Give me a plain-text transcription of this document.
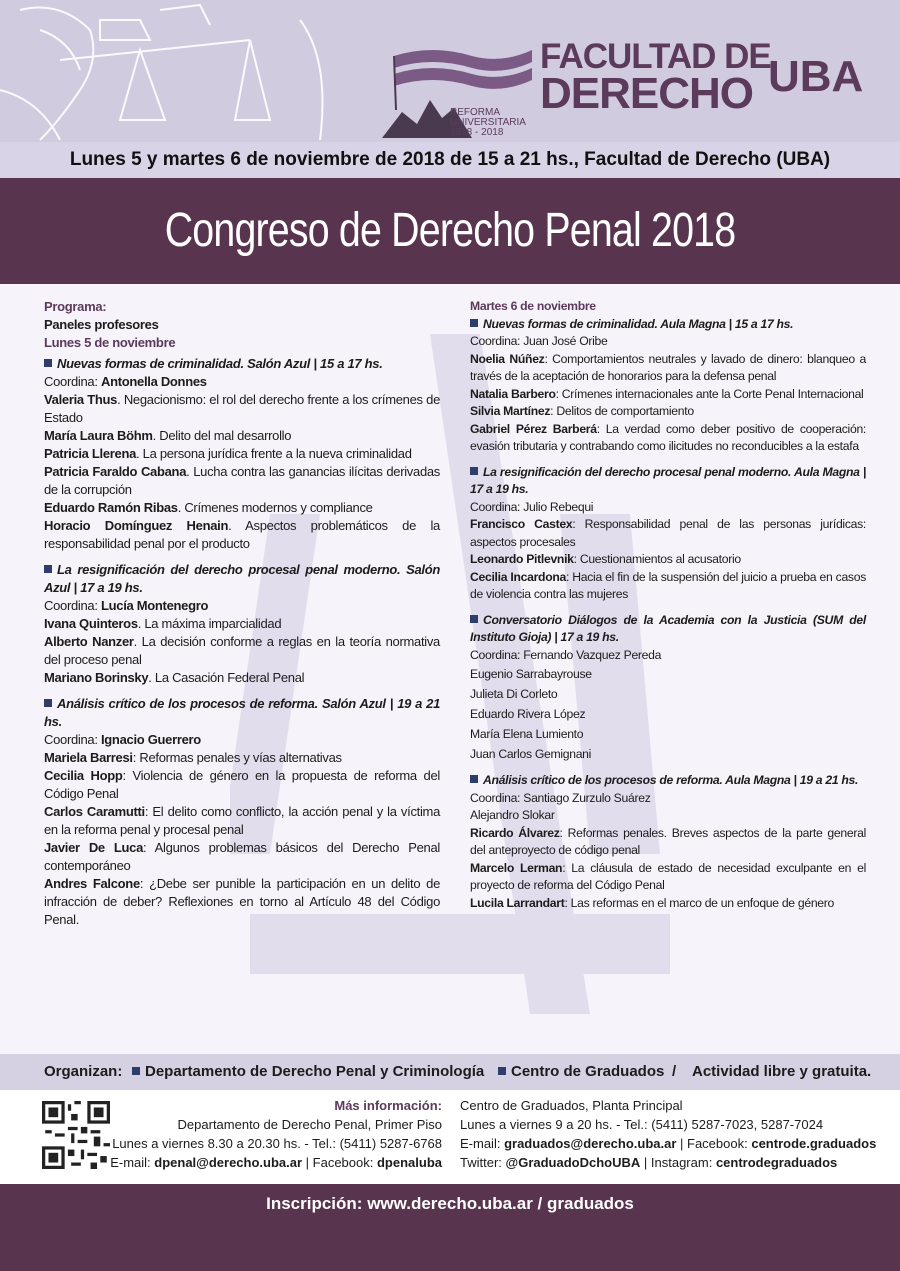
REFORMA
UNIVERSITARIA
1918 - 2018
FACULTAD DE
DERECHO UBA
Lunes 5 y martes 6 de noviembre de 2018 de 15 a 21 hs., Facultad de Derecho (UBA)
Congreso de Derecho Penal 2018
Programa:
Paneles profesores
Lunes 5 de noviembre
Nuevas formas de criminalidad. Salón Azul | 15 a 17 hs.
Coordina: Antonella Donnes
Valeria Thus. Negacionismo: el rol del derecho frente a los crímenes de Estado
María Laura Böhm. Delito del mal desarrollo
Patricia Llerena. La persona jurídica frente a la nueva criminalidad
Patricia Faraldo Cabana. Lucha contra las ganancias ilícitas derivadas de la corrupción
Eduardo Ramón Ribas. Crímenes modernos y compliance
Horacio Domínguez Henain. Aspectos problemáticos de la responsabilidad penal por el producto
La resignificación del derecho procesal penal moderno. Salón Azul | 17 a 19 hs.
Coordina: Lucía Montenegro
Ivana Quinteros. La máxima imparcialidad
Alberto Nanzer. La decisión conforme a reglas en la teoría normativa del proceso penal
Mariano Borinsky. La Casación Federal Penal
Análisis crítico de los procesos de reforma. Salón Azul | 19 a 21 hs.
Coordina: Ignacio Guerrero
Mariela Barresi: Reformas penales y vías alternativas
Cecilia Hopp: Violencia de género en la propuesta de reforma del Código Penal
Carlos Caramutti: El delito como conflicto, la acción penal y la víctima en la reforma penal y procesal penal
Javier De Luca: Algunos problemas básicos del Derecho Penal contemporáneo
Andres Falcone: ¿Debe ser punible la participación en un delito de infracción de deber? Reflexiones en torno al Artículo 48 del Código Penal.
Martes 6 de noviembre
Nuevas formas de criminalidad. Aula Magna | 15 a 17 hs.
Coordina: Juan José Oribe
Noelia Núñez: Comportamientos neutrales y lavado de dinero: blanqueo a través de la aceptación de honorarios para la defensa penal
Natalia Barbero: Crímenes internacionales ante la Corte Penal Internacional
Silvia Martínez: Delitos de comportamiento
Gabriel Pérez Barberá: La verdad como deber positivo de cooperación: evasión tributaria y contrabando como ilicitudes no reconducibles a la estafa
La resignificación del derecho procesal penal moderno. Aula Magna | 17 a 19 hs.
Coordina: Julio Rebequi
Francisco Castex: Responsabilidad penal de las personas jurídicas: aspectos procesales
Leonardo Pitlevnik: Cuestionamientos al acusatorio
Cecilia Incardona: Hacia el fin de la suspensión del juicio a prueba en casos de violencia contra las mujeres
Conversatorio Diálogos de la Academia con la Justicia (SUM del Instituto Gioja) | 17 a 19 hs.
Coordina: Fernando Vazquez Pereda
Eugenio Sarrabayrouse
Julieta Di Corleto
Eduardo Rivera López
María Elena Lumiento
Juan Carlos Gemignani
Análisis crítico de los procesos de reforma. Aula Magna | 19 a 21 hs.
Coordina: Santiago Zurzulo Suárez
Alejandro Slokar
Ricardo Álvarez: Reformas penales. Breves aspectos de la parte general del anteproyecto de código penal
Marcelo Lerman: La cláusula de estado de necesidad exculpante en el proyecto de reforma del Código Penal
Lucila Larrandart: Las reformas en el marco de un enfoque de género
Organizan:	Departamento de Derecho Penal y Criminología	Centro de Graduados / Actividad libre y gratuita.
Más información:
Departamento de Derecho Penal, Primer Piso
Lunes a viernes 8.30 a 20.30 hs. - Tel.: (5411) 5287-6768
E-mail: dpenal@derecho.uba.ar | Facebook: dpenaluba
Centro de Graduados, Planta Principal
Lunes a viernes 9 a 20 hs. - Tel.: (5411) 5287-7023, 5287-7024
E-mail: graduados@derecho.uba.ar | Facebook: centrode.graduados
Twitter: @GraduadoDchoUBA | Instagram: centrodegraduados
Inscripción: www.derecho.uba.ar / graduados
